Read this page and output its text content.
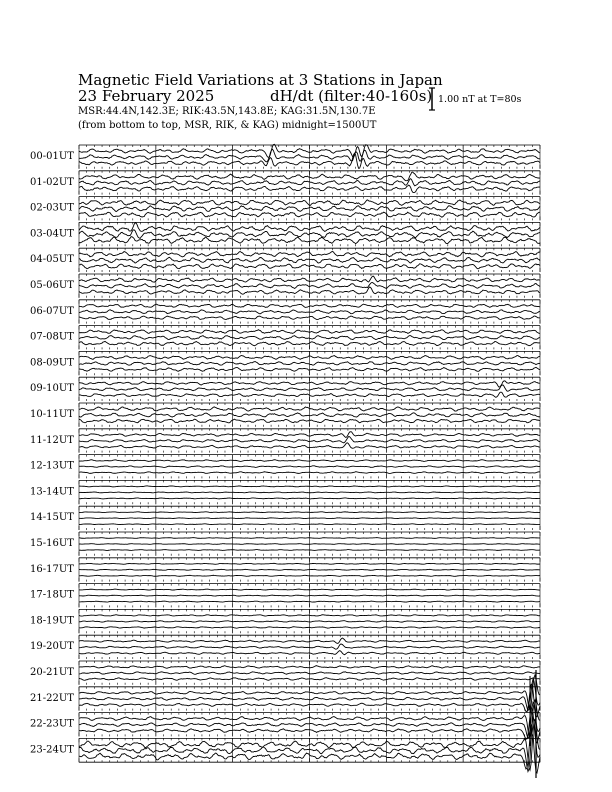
Magnetic Field Variations at 3 Stations in Japan
23 February 2025	dH/dt (filter:40-160s)
MSR:44.4N,142.3E; RIK:43.5N,143.8E; KAG:31.5N,130.7E
(from bottom to top, MSR, RIK, & KAG) midnight=1500UT
1.00 nT at T=80s
00-01UT
01-02UT
02-03UT
03-04UT
04-05UT
05-06UT
06-07UT
07-08UT
08-09UT
09-10UT
10-11UT
11-12UT
12-13UT
13-14UT
14-15UT
15-16UT
16-17UT
17-18UT
18-19UT
19-20UT
20-21UT
21-22UT
22-23UT
23-24UT
